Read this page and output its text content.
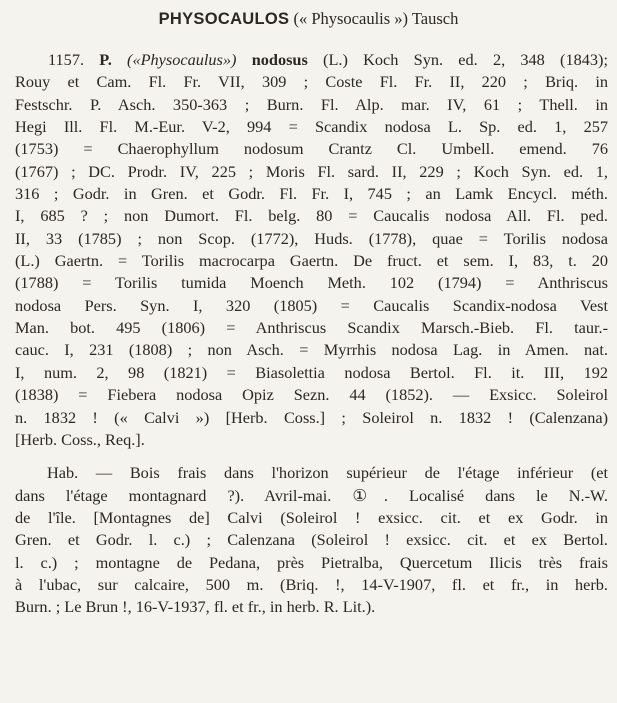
PHYSOCAULOS (« Physocaulis ») Tausch
1157. P. («Physocaulus») nodosus (L.) Koch Syn. ed. 2, 348 (1843);
Rouy et Cam. Fl. Fr. VII, 309 ; Coste Fl. Fr. II, 220 ; Briq. in
Festschr. P. Asch. 350-363 ; Burn. Fl. Alp. mar. IV, 61 ; Thell. in
Hegi Ill. Fl. M.-Eur. V-2, 994 = Scandix nodosa L. Sp. ed. 1, 257
(1753) = Chaerophyllum nodosum Crantz Cl. Umbell. emend. 76
(1767) ; DC. Prodr. IV, 225 ; Moris Fl. sard. II, 229 ; Koch Syn. ed. 1,
316 ; Godr. in Gren. et Godr. Fl. Fr. I, 745 ; an Lamk Encycl. méth.
I, 685 ? ; non Dumort. Fl. belg. 80 = Caucalis nodosa All. Fl. ped.
II, 33 (1785) ; non Scop. (1772), Huds. (1778), quae = Torilis nodosa
(L.) Gaertn. = Torilis macrocarpa Gaertn. De fruct. et sem. I, 83, t. 20
(1788) = Torilis tumida Moench Meth. 102 (1794) = Anthriscus
nodosa Pers. Syn. I, 320 (1805) = Caucalis Scandix-nodosa Vest
Man. bot. 495 (1806) = Anthriscus Scandix Marsch.-Bieb. Fl. taur.-
cauc. I, 231 (1808) ; non Asch. = Myrrhis nodosa Lag. in Amen. nat.
I, num. 2, 98 (1821) = Biasolettia nodosa Bertol. Fl. it. III, 192
(1838) = Fiebera nodosa Opiz Sezn. 44 (1852). — Exsicc. Soleirol
n. 1832 ! (« Calvi ») [Herb. Coss.] ; Soleirol n. 1832 ! (Calenzana)
[Herb. Coss., Req.].
Hab. — Bois frais dans l'horizon supérieur de l'étage inférieur (et
dans l'étage montagnard ?). Avril-mai. ①. Localisé dans le N.-W.
de l'île. [Montagnes de] Calvi (Soleirol ! exsicc. cit. et ex Godr. in
Gren. et Godr. l. c.) ; Calenzana (Soleirol ! exsicc. cit. et ex Bertol.
l. c.) ; montagne de Pedana, près Pietralba, Quercetum Ilicis très frais
à l'ubac, sur calcaire, 500 m. (Briq. !, 14-V-1907, fl. et fr., in herb.
Burn. ; Le Brun !, 16-V-1937, fl. et fr., in herb. R. Lit.).
